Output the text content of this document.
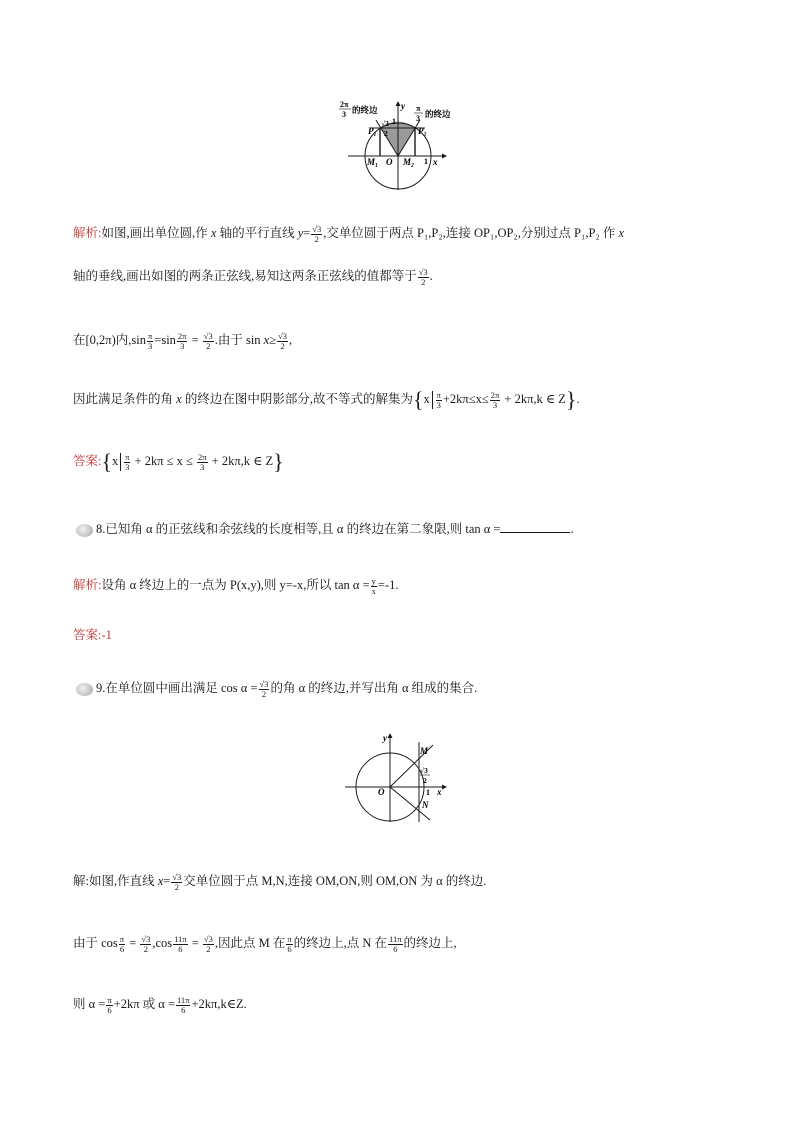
2π
3 的终边	π
3 的终边
y
x
√3
2
1
1
P₁	P₂
M₁	M₂
O
解析:如图,画出单位圆,作 x 轴的平行直线 $y= \frac{√3}{2}$ ,交单位圆于两点 P₁,P₂,连接 OP₁,OP₂,分别过点 P₁,P₂ 作 x
轴的垂线,画出如图的两条正弦线,易知这两条正弦线的值都等于 $\frac{√3}{2}$ .
在[0,2π)内$,\sin \frac{\pi}{3} =\sin \frac{2\pi}{3} = \frac{√3}{2}$ .由于 $\sin x\ge \frac{√3}{2}$ ,
因此满足条件的角 x 的终边在图中阴影部分,故不等式的解集为{$x \frac{\pi}{3} +2k\pi\le x\le \frac{2\pi}{3} + 2k\pi,k$ ∈ Z}.
答案:{x $\frac{\pi}{3} + 2k\pi \le x \le \frac{2\pi}{3} + 2k\pi,k$ ∈ Z}
8.已知角 α 的正弦线和余弦线的长度相等,且 α 的终边在第二象限,则 tan α =	.
解析:设角 α 终边上的一点为 P(x,y),则 y=-x,所以 $\tan \alpha = \frac{y}{x} =-1$.
答案:-1
9.在单位圆中画出满足 $\cos \alpha = \frac{√3}{2}$ 的角 α 的终边,并写出角 α 组成的集合.
y
x
M
N
O
√3
2
1
解:如图,作直线 $x= \frac{√3}{2}$ 交单位圆于点 M,N,连接 OM,ON,则 OM,ON 为 α 的终边.
由于 $\cos \frac{\pi}{6} = \frac{√3}{2} ,\cos \frac{11\pi}{6} = \frac{√3}{2}$ ,因此点 M 在 $\frac{\pi}{6}$ 的终边上,点 N 在 $\frac{11\pi}{6}$ 的终边上,
则 $\alpha = \frac{\pi}{6} +2k\pi$ 或 $\alpha = \frac{11\pi}{6}$ +2kπ,k∈Z.
